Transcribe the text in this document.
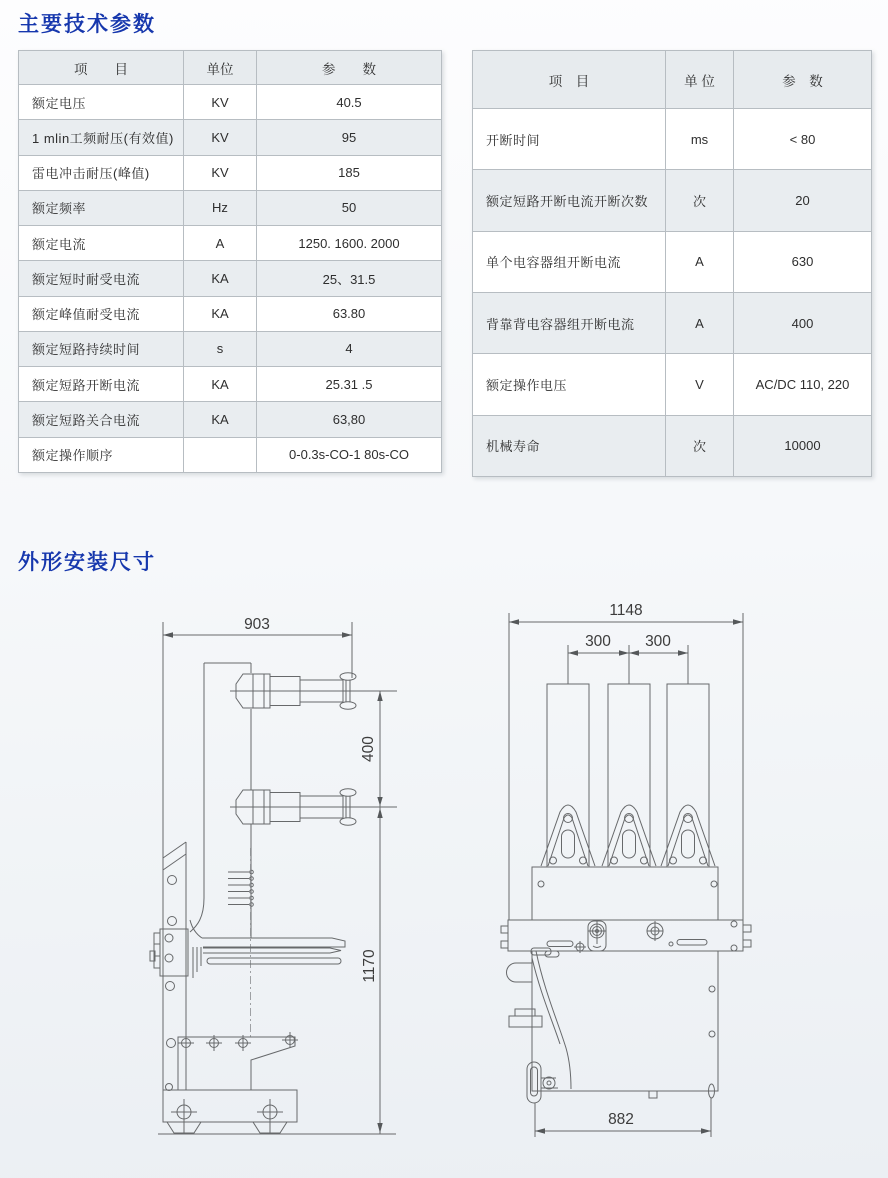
主要技术参数
项　　目	单位	参　　数
额定电压	KV	40.5
1 mlin工频耐压(有效值)	KV	95
雷电冲击耐压(峰值)	KV	185
额定频率	Hz	50
额定电流	A	1250. 1600. 2000
额定短时耐受电流	KA	25、31.5
额定峰值耐受电流	KA	63.80
额定短路持续时间	s	4
额定短路开断电流	KA	25.31 .5
额定短路关合电流	KA	63,80
额定操作顺序		0-0.3s-CO-1 80s-CO
项　目	单 位	参　数
开断时间	ms	< 80
额定短路开断电流开断次数	次	20
单个电容器组开断电流	A	630
背靠背电容器组开断电流	A	400
额定操作电压	V	AC/DC 110, 220
机械寿命	次	10000
外形安装尺寸
903
400
1170
1148
300 300
882
